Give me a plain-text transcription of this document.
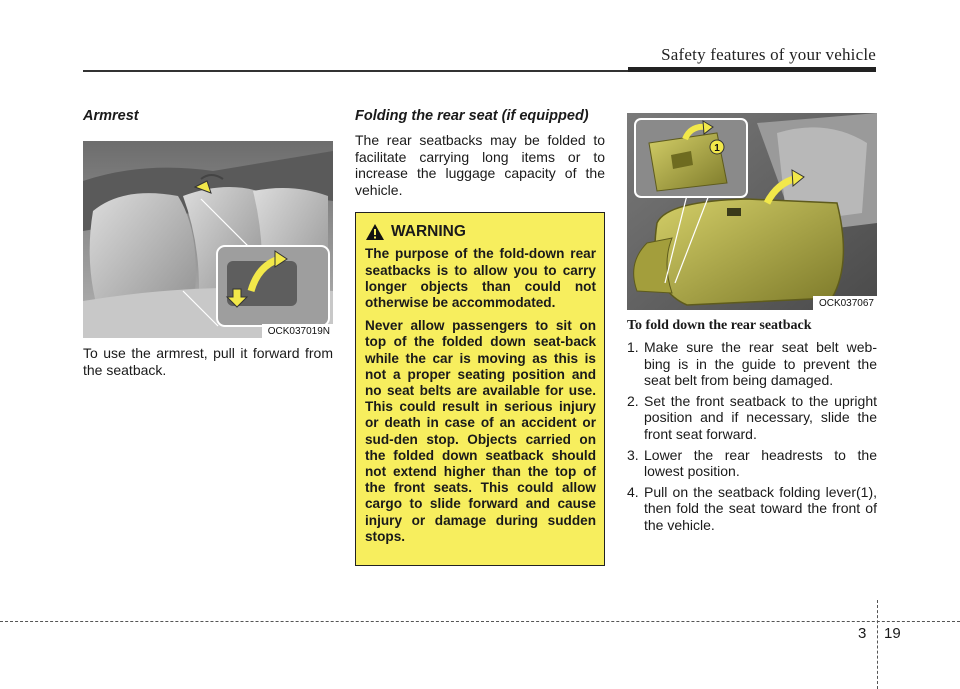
Safety features of your vehicle
Armrest
OCK037019N

To use the armrest, pull it forward from the seatback.

Folding the rear seat (if equipped)

The rear seatbacks may be folded to facilitate carrying long items or to increase the luggage capacity of the vehicle.

WARNING

The purpose of the fold-down rear seatbacks is to allow you to carry longer objects than could not otherwise be accommodated.

Never allow passengers to sit on top of the folded down seat-back while the car is moving as this is not a proper seating position and no seat belts are available for use. This could result in serious injury or death in case of an accident or sud-den stop. Objects carried on the folded down seatback should not extend higher than the top of the front seats. This could allow cargo to slide forward and cause injury or damage during sudden stops.

1
OCK037067
To fold down the rear seatback
1. Make sure the rear seat belt web-bing is in the guide to prevent the seat belt from being damaged.
2. Set the front seatback to the upright position and if necessary, slide the front seat forward.
3. Lower the rear headrests to the lowest position.
4. Pull on the seatback folding lever(1), then fold the seat toward the front of the vehicle.
3 19
